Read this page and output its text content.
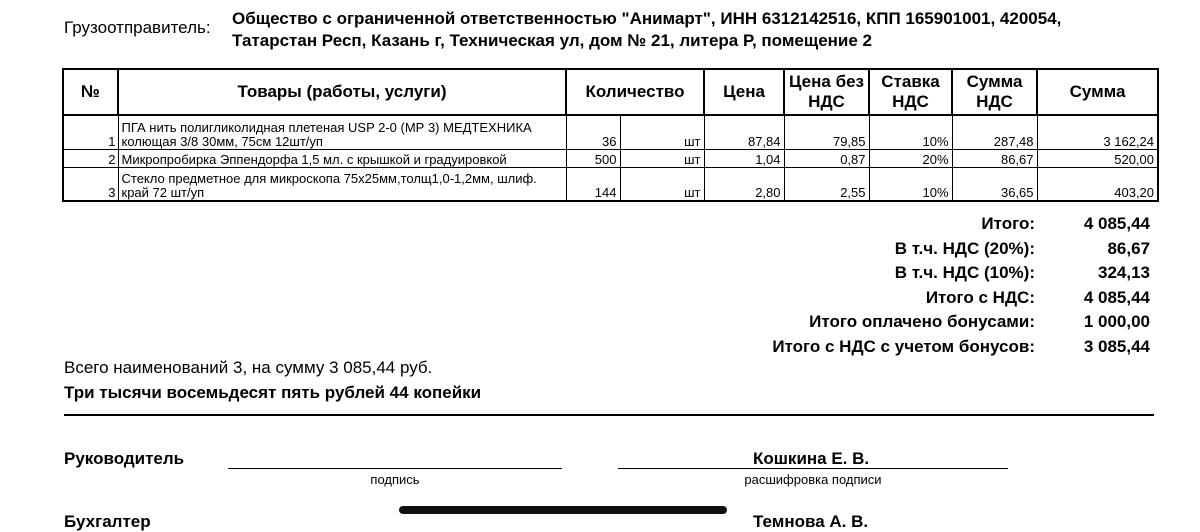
Грузоотправитель: Общество с ограниченной ответственностью "Анимарт", ИНН 6312142516, КПП 165901001, 420054, Татарстан Респ, Казань г, Техническая ул, дом № 21, литера Р, помещение 2
№	Товары (работы, услуги)	Количество		Цена	Цена без НДС	Ставка НДС	Сумма НДС	Сумма
1	ПГА нить полигликолидная плетеная USP 2-0 (МР 3) МЕДТЕХНИКА колющая 3/8 30мм, 75см 12шт/уп	36	шт	87,84	79,85	10%	287,48	3 162,24
2	Микропробирка Эппендорфа 1,5 мл. с крышкой и градуировкой	500	шт	1,04	0,87	20%	86,67	520,00
3	Стекло предметное для микроскопа 75x25мм,толщ1,0-1,2мм, шлиф. край 72 шт/уп	144	шт	2,80	2,55	10%	36,65	403,20
Итого:	4 085,44
В т.ч. НДС (20%):	86,67
В т.ч. НДС (10%):	324,13
Итого с НДС:	4 085,44
Итого оплачено бонусами:	1 000,00
Итого с НДС с учетом бонусов:	3 085,44
Всего наименований 3, на сумму 3 085,44 руб.
Три тысячи восемьдесят пять рублей 44 копейки
Руководитель
подпись
Кошкина Е. В.
расшифровка подписи
Бухгалтер	Темнова А. В.
